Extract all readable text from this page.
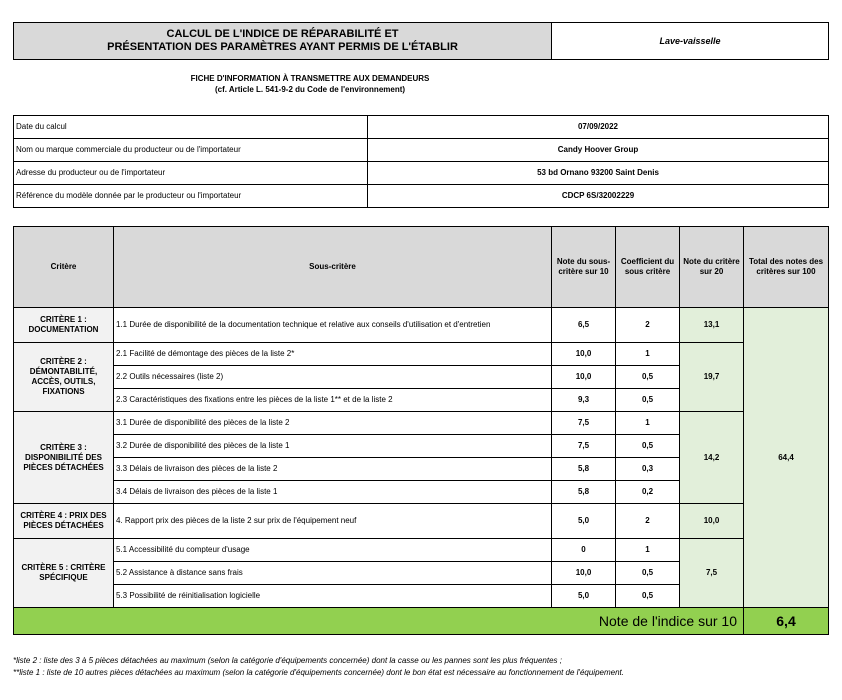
CALCUL DE L'INDICE DE RÉPARABILITÉ ET
PRÉSENTATION DES PARAMÈTRES AYANT PERMIS DE L'ÉTABLIR	Lave-vaisselle
FICHE D'INFORMATION À TRANSMETTRE AUX DEMANDEURS
(cf. Article L. 541-9-2 du Code de l'environnement)
Date du calcul	07/09/2022
Nom ou marque commerciale du producteur ou de l'importateur	Candy Hoover Group
Adresse du producteur ou de l'importateur	53 bd Ornano 93200 Saint Denis
Référence du modèle donnée par le producteur ou l'importateur	CDCP 6S/32002229
Critère	Sous-critère	Note du sous-critère sur 10	Coefficient du sous critère	Note du critère sur 20	Total des notes des critères sur 100
CRITÈRE 1 : DOCUMENTATION	1.1 Durée de disponibilité de la documentation technique et relative aux conseils d'utilisation et d'entretien	6,5	2	13,1	64,4
CRITÈRE 2 : DÉMONTABILITÉ, ACCÈS, OUTILS, FIXATIONS	2.1 Facilité de démontage des pièces de la liste 2*	10,0	1	19,7	
	2.2 Outils nécessaires (liste 2)	10,0	0,5		
	2.3 Caractéristiques des fixations entre les pièces de la liste 1** et de la liste 2	9,3	0,5		
CRITÈRE 3 : DISPONIBILITÉ DES PIÈCES DÉTACHÉES	3.1 Durée de disponibilité des pièces de la liste 2	7,5	1	14,2	
	3.2 Durée de disponibilité des pièces de la liste 1	7,5	0,5		
	3.3 Délais de livraison des pièces de la liste 2	5,8	0,3		
	3.4 Délais de livraison des pièces de la liste 1	5,8	0,2		
CRITÈRE 4 : PRIX DES PIÈCES DÉTACHÉES	4. Rapport prix des pièces de la liste 2 sur prix de l'équipement neuf	5,0	2	10,0	
CRITÈRE 5 : CRITÈRE SPÉCIFIQUE	5.1 Accessibilité du compteur d'usage	0	1	7,5	
	5.2 Assistance à distance sans frais	10,0	0,5		
	5.3 Possibilité de réinitialisation logicielle	5,0	0,5		
Note de l'indice sur 10					6,4
*liste 2 : liste des 3 à 5 pièces détachées au maximum (selon la catégorie d'équipements concernée) dont la casse ou les pannes sont les plus fréquentes ;
**liste 1 : liste de 10 autres pièces détachées au maximum (selon la catégorie d'équipements concernée) dont le bon état est nécessaire au fonctionnement de l'équipement.
